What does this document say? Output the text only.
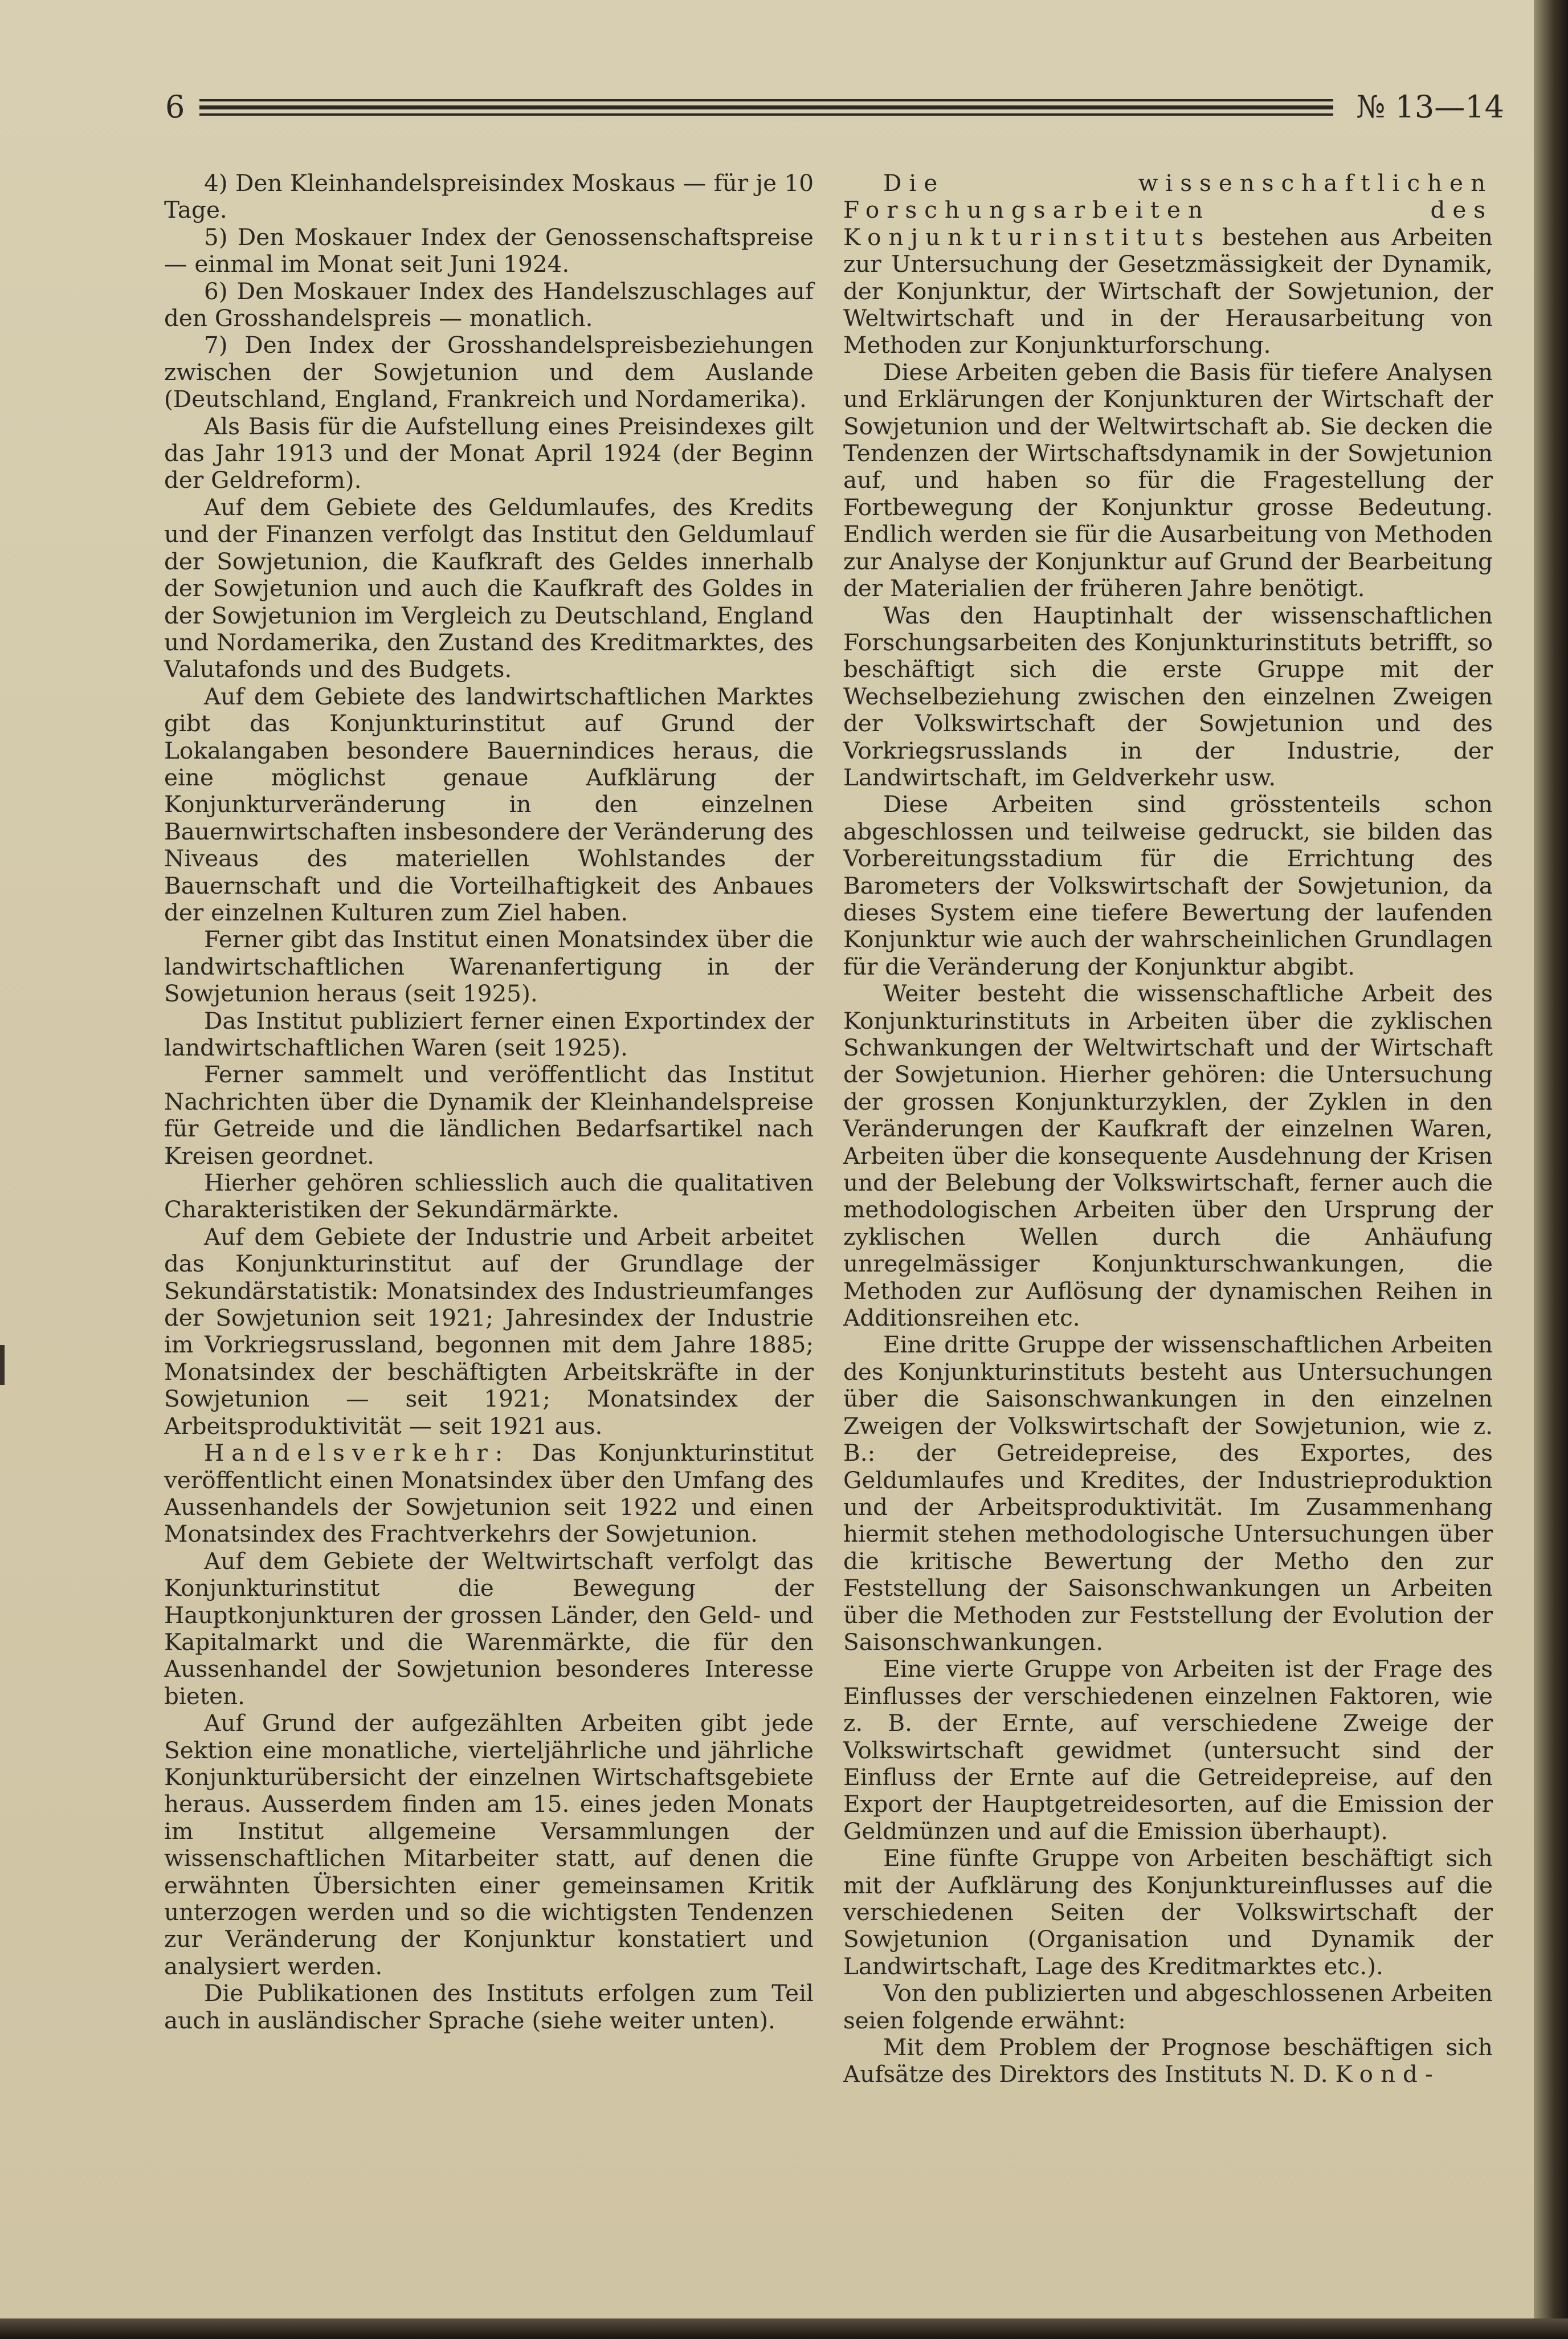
6	№ 13—14

4) Den Kleinhandelspreisindex Moskaus — für je 10 Tage.

5) Den Moskauer Index der Genossenschaftspreise — einmal im Monat seit Juni 1924.

6) Den Moskauer Index des Handelszuschlages auf den Grosshandelspreis — monatlich.

7) Den Index der Grosshandelspreisbeziehungen zwischen der Sowjetunion und dem Auslande (Deutschland, England, Frankreich und Nordamerika).

Als Basis für die Aufstellung eines Preisindexes gilt das Jahr 1913 und der Monat April 1924 (der Beginn der Geldreform).

Auf dem Gebiete des Geldumlaufes, des Kredits und der Finanzen verfolgt das Institut den Geldumlauf der Sowjetunion, die Kaufkraft des Geldes innerhalb der Sowjetunion und auch die Kaufkraft des Goldes in der Sowjetunion im Vergleich zu Deutschland, England und Nordamerika, den Zustand des Kreditmarktes, des Valutafonds und des Budgets.

Auf dem Gebiete des landwirtschaftlichen Marktes gibt das Konjunkturinstitut auf Grund der Lokalangaben besondere Bauernindices heraus, die eine möglichst genaue Aufklärung der Konjunkturveränderung in den einzelnen Bauernwirtschaften insbesondere der Veränderung des Niveaus des materiellen Wohlstandes der Bauernschaft und die Vorteilhaftigkeit des Anbaues der einzelnen Kulturen zum Ziel haben.

Ferner gibt das Institut einen Monatsindex über die landwirtschaftlichen Warenanfertigung in der Sowjetunion heraus (seit 1925).

Das Institut publiziert ferner einen Exportindex der landwirtschaftlichen Waren (seit 1925).

Ferner sammelt und veröffentlicht das Institut Nachrichten über die Dynamik der Kleinhandelspreise für Getreide und die ländlichen Bedarfsartikel nach Kreisen geordnet.

Hierher gehören schliesslich auch die qualitativen Charakteristiken der Sekundärmärkte.

Auf dem Gebiete der Industrie und Arbeit arbeitet das Konjunkturinstitut auf der Grundlage der Sekundärstatistik: Monatsindex des Industrieumfanges der Sowjetunion seit 1921; Jahresindex der Industrie im Vorkriegsrussland, begonnen mit dem Jahre 1885; Monatsindex der beschäftigten Arbeitskräfte in der Sowjetunion — seit 1921; Monatsindex der Arbeitsproduktivität — seit 1921 aus.

Handelsverkehr: Das Konjunkturinstitut veröffentlicht einen Monatsindex über den Umfang des Aussenhandels der Sowjetunion seit 1922 und einen Monatsindex des Frachtverkehrs der Sowjetunion.

Auf dem Gebiete der Weltwirtschaft verfolgt das Konjunkturinstitut die Bewegung der Hauptkonjunkturen der grossen Länder, den Geld- und Kapitalmarkt und die Warenmärkte, die für den Aussenhandel der Sowjetunion besonderes Interesse bieten.

Auf Grund der aufgezählten Arbeiten gibt jede Sektion eine monatliche, vierteljährliche und jährliche Konjunkturübersicht der einzelnen Wirtschaftsgebiete heraus. Ausserdem finden am 15. eines jeden Monats im Institut allgemeine Versammlungen der wissenschaftlichen Mitarbeiter statt, auf denen die erwähnten Übersichten einer gemeinsamen Kritik unterzogen werden und so die wichtigsten Tendenzen zur Veränderung der Konjunktur konstatiert und analysiert werden.

Die Publikationen des Instituts erfolgen zum Teil auch in ausländischer Sprache (siehe weiter unten).

Die wissenschaftlichen Forschungsarbeiten des Konjunkturinstituts bestehen aus Arbeiten zur Untersuchung der Gesetzmässigkeit der Dynamik, der Konjunktur, der Wirtschaft der Sowjetunion, der Weltwirtschaft und in der Herausarbeitung von Methoden zur Konjunkturforschung.

Diese Arbeiten geben die Basis für tiefere Analysen und Erklärungen der Konjunkturen der Wirtschaft der Sowjetunion und der Weltwirtschaft ab. Sie decken die Tendenzen der Wirtschaftsdynamik in der Sowjetunion auf, und haben so für die Fragestellung der Fortbewegung der Konjunktur grosse Bedeutung. Endlich werden sie für die Ausarbeitung von Methoden zur Analyse der Konjunktur auf Grund der Bearbeitung der Materialien der früheren Jahre benötigt.

Was den Hauptinhalt der wissenschaftlichen Forschungsarbeiten des Konjunkturinstituts betrifft, so beschäftigt sich die erste Gruppe mit der Wechselbeziehung zwischen den einzelnen Zweigen der Volkswirtschaft der Sowjetunion und des Vorkriegsrusslands in der Industrie, der Landwirtschaft, im Geldverkehr usw.

Diese Arbeiten sind grösstenteils schon abgeschlossen und teilweise gedruckt, sie bilden das Vorbereitungsstadium für die Errichtung des Barometers der Volkswirtschaft der Sowjetunion, da dieses System eine tiefere Bewertung der laufenden Konjunktur wie auch der wahrscheinlichen Grundlagen für die Veränderung der Konjunktur abgibt.

Weiter besteht die wissenschaftliche Arbeit des Konjunkturinstituts in Arbeiten über die zyklischen Schwankungen der Weltwirtschaft und der Wirtschaft der Sowjetunion. Hierher gehören: die Untersuchung der grossen Konjunkturzyklen, der Zyklen in den Veränderungen der Kaufkraft der einzelnen Waren, Arbeiten über die konsequente Ausdehnung der Krisen und der Belebung der Volkswirtschaft, ferner auch die methodologischen Arbeiten über den Ursprung der zyklischen Wellen durch die Anhäufung unregelmässiger Konjunkturschwankungen, die Methoden zur Auflösung der dynamischen Reihen in Additionsreihen etc.

Eine dritte Gruppe der wissenschaftlichen Arbeiten des Konjunkturinstituts besteht aus Untersuchungen über die Saisonschwankungen in den einzelnen Zweigen der Volkswirtschaft der Sowjetunion, wie z. B.: der Getreidepreise, des Exportes, des Geldumlaufes und Kredites, der Industrieproduktion und der Arbeitsproduktivität. Im Zusammenhang hiermit stehen methodologische Untersuchungen über die kritische Bewertung der Metho den zur Feststellung der Saisonschwankungen un Arbeiten über die Methoden zur Feststellung der Evolution der Saisonschwankungen.

Eine vierte Gruppe von Arbeiten ist der Frage des Einflusses der verschiedenen einzelnen Faktoren, wie z. B. der Ernte, auf verschiedene Zweige der Volkswirtschaft gewidmet (untersucht sind der Einfluss der Ernte auf die Getreidepreise, auf den Export der Hauptgetreidesorten, auf die Emission der Geldmünzen und auf die Emission überhaupt).

Eine fünfte Gruppe von Arbeiten beschäftigt sich mit der Aufklärung des Konjunktureinflusses auf die verschiedenen Seiten der Volkswirtschaft der Sowjetunion (Organisation und Dynamik der Landwirtschaft, Lage des Kreditmarktes etc.).

Von den publizierten und abgeschlossenen Arbeiten seien folgende erwähnt:

Mit dem Problem der Prognose beschäftigen sich Aufsätze des Direktors des Instituts N. D. Kond-
